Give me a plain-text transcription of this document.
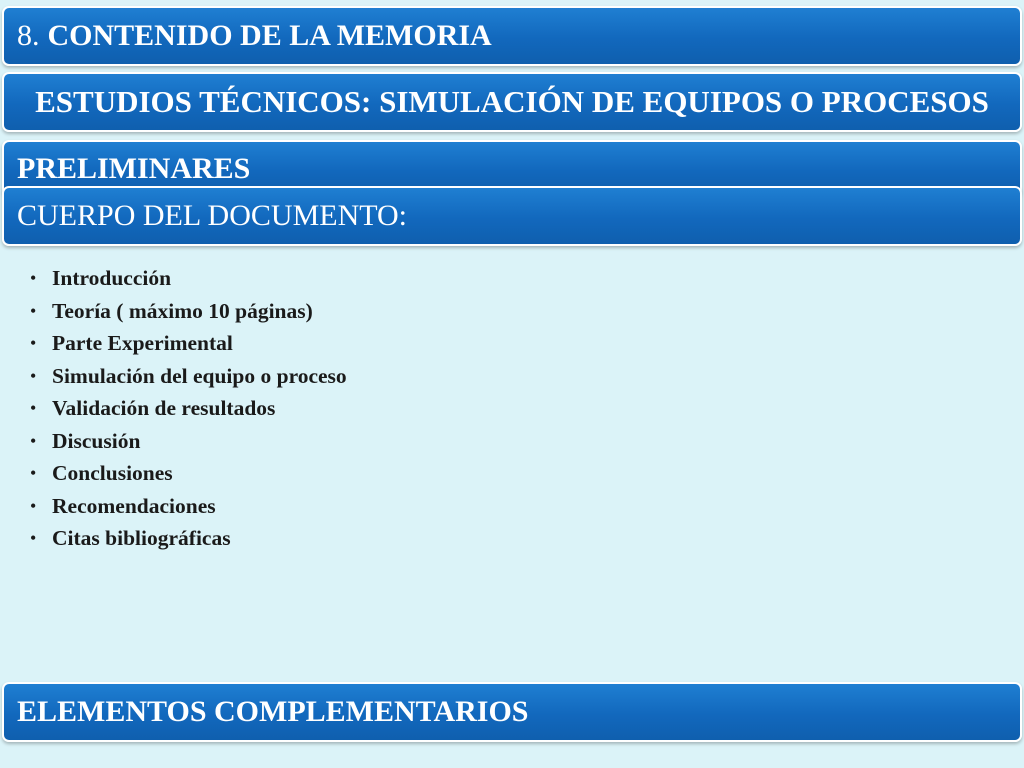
8. CONTENIDO DE LA MEMORIA
ESTUDIOS TÉCNICOS: SIMULACIÓN DE EQUIPOS O PROCESOS
PRELIMINARES
CUERPO DEL DOCUMENTO:
• Introducción
• Teoría ( máximo 10 páginas)
• Parte Experimental
• Simulación del equipo o proceso
• Validación de resultados
• Discusión
• Conclusiones
• Recomendaciones
• Citas bibliográficas
ELEMENTOS COMPLEMENTARIOS
